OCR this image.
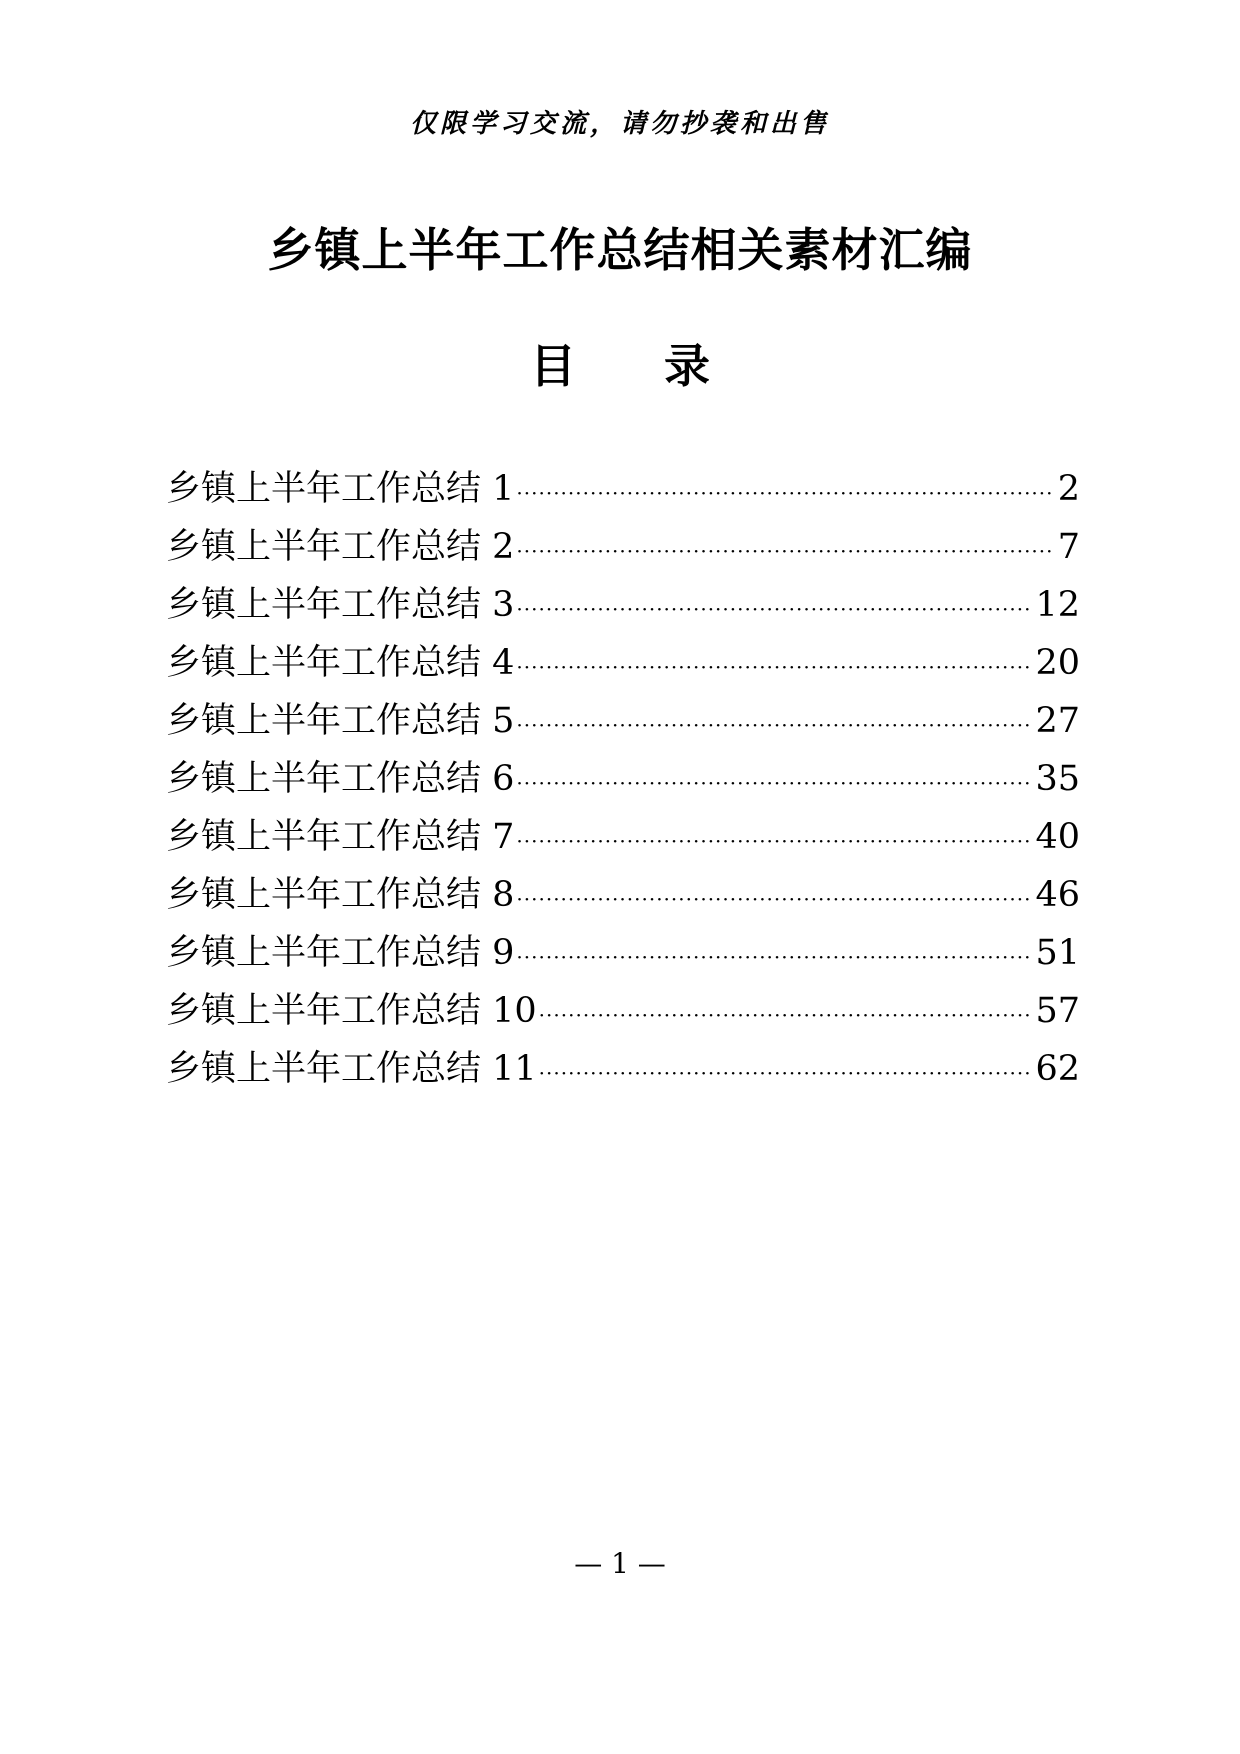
仅限学习交流，请勿抄袭和出售
乡镇上半年工作总结相关素材汇编
目 录
乡镇上半年工作总结 1 ·····	2
乡镇上半年工作总结 2 ·····	7
乡镇上半年工作总结 3 ·····	12
乡镇上半年工作总结 4 ·····	20
乡镇上半年工作总结 5 ·····	27
乡镇上半年工作总结 6 ·····	35
乡镇上半年工作总结 7 ·····	40
乡镇上半年工作总结 8 ·····	46
乡镇上半年工作总结 9 ·····	51
乡镇上半年工作总结 10 ·····	57
乡镇上半年工作总结 11 ·····	62
— 1 —
